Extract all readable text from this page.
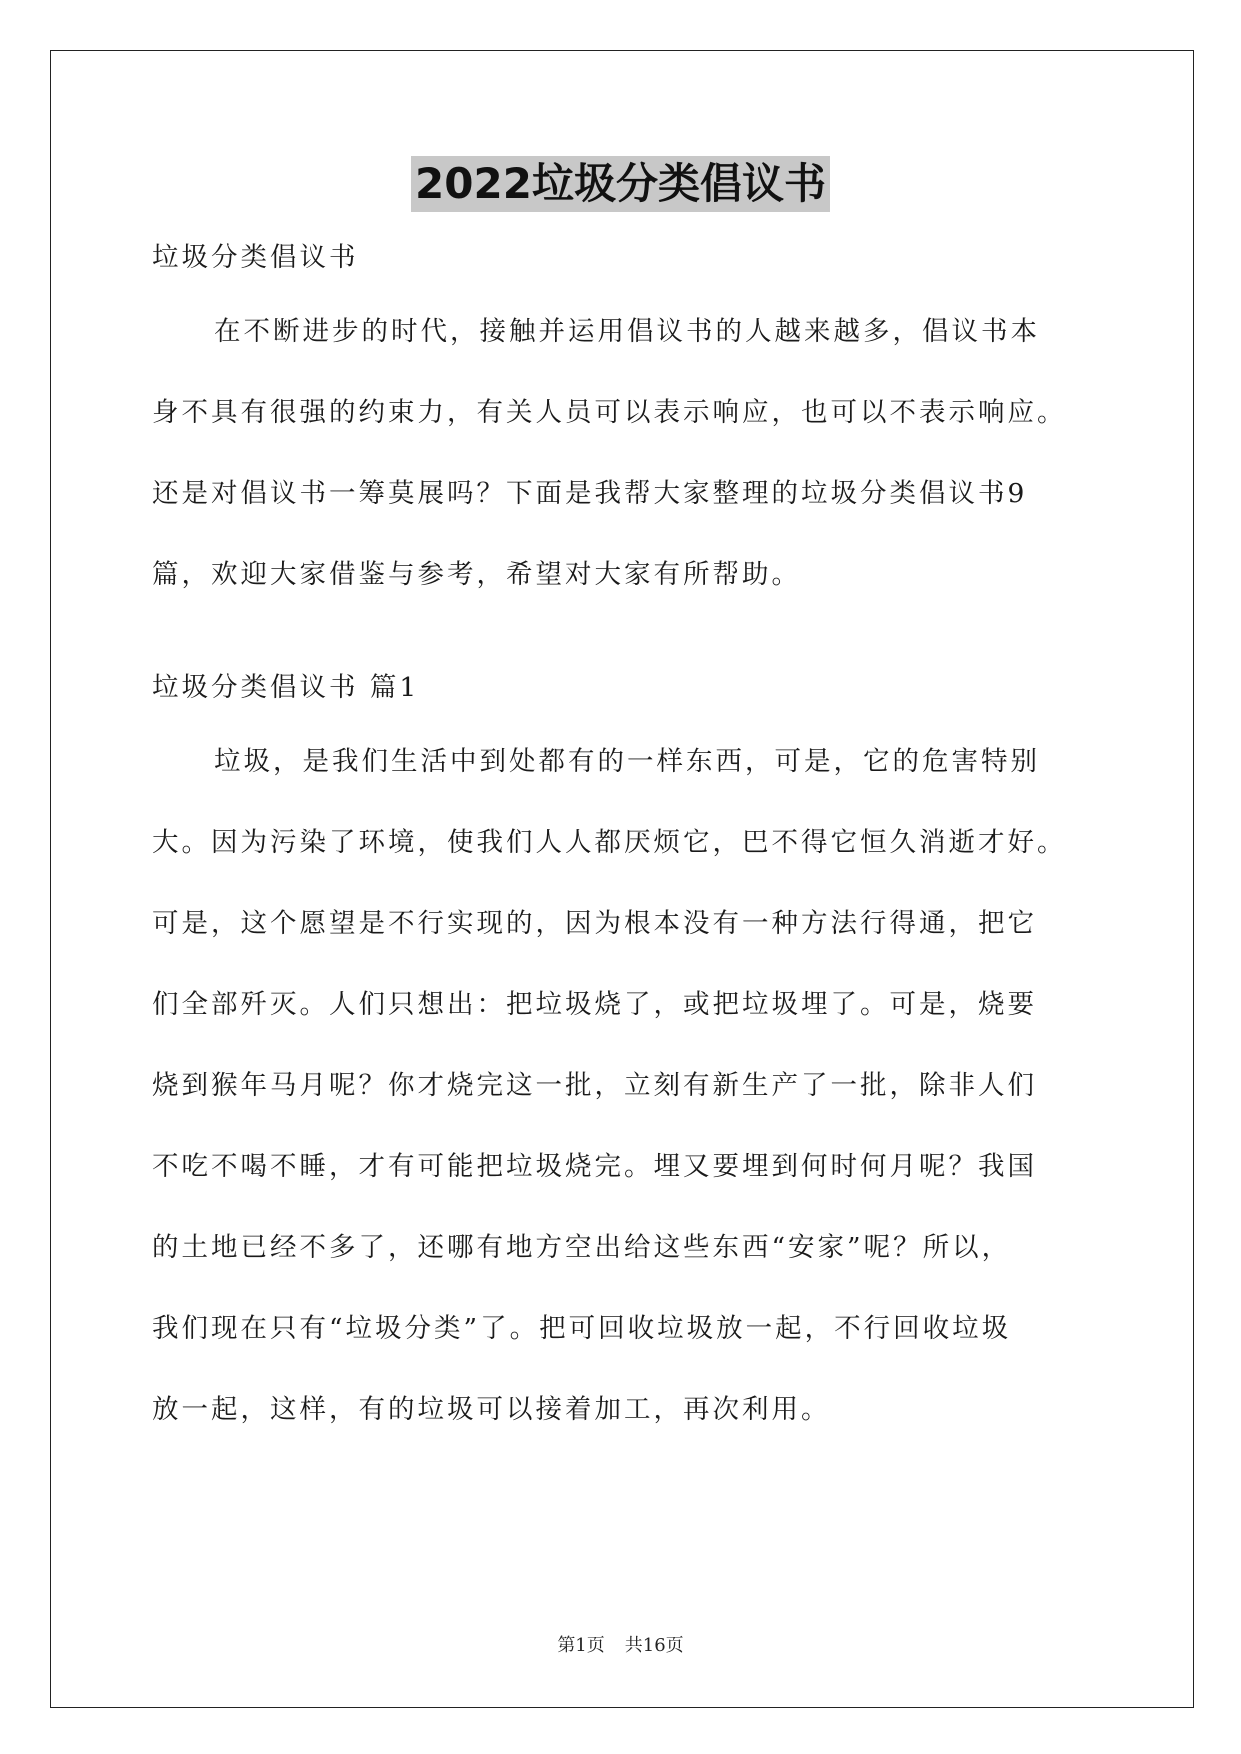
2022垃圾分类倡议书
垃圾分类倡议书
在不断进步的时代，接触并运用倡议书的人越来越多，倡议书本
身不具有很强的约束力，有关人员可以表示响应，也可以不表示响应。
还是对倡议书一筹莫展吗？下面是我帮大家整理的垃圾分类倡议书9
篇，欢迎大家借鉴与参考，希望对大家有所帮助。
垃圾分类倡议书 篇1
垃圾，是我们生活中到处都有的一样东西，可是，它的危害特别
大。因为污染了环境，使我们人人都厌烦它，巴不得它恒久消逝才好。
可是，这个愿望是不行实现的，因为根本没有一种方法行得通，把它
们全部歼灭。人们只想出：把垃圾烧了，或把垃圾埋了。可是，烧要
烧到猴年马月呢？你才烧完这一批，立刻有新生产了一批，除非人们
不吃不喝不睡，才有可能把垃圾烧完。埋又要埋到何时何月呢？我国
的土地已经不多了，还哪有地方空出给这些东西“安家”呢？所以，
我们现在只有“垃圾分类”了。把可回收垃圾放一起，不行回收垃圾
放一起，这样，有的垃圾可以接着加工，再次利用。
第1页 共16页
